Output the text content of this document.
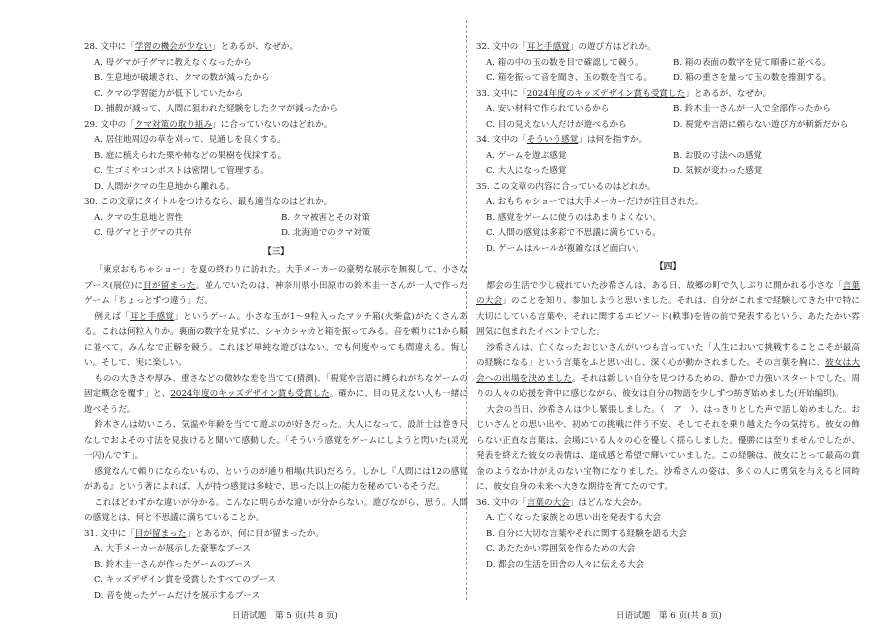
28. 文中に「学習の機会が少ない」とあるが、なぜか。

A. 母グマが子グマに教えなくなったから

B. 生息地が破壊され、クマの数が減ったから

C. クマの学習能力が低下していたから

D. 捕殺が減って、人間に狙われた経験をしたクマが減ったから

29. 文中の「クマ対策の取り組み」に合っていないのはどれか。

A. 居住地周辺の草を刈って、見通しを良くする。

B. 庭に植えられた栗や柿などの果樹を伐採する。

C. 生ゴミやコンポストは密閉して管理する。

D. 人間がクマの生息地から離れる。

30. この文章にタイトルをつけるなら、最も適当なのはどれか。

A. クマの生息地と習性	B. クマ被害とその対策
C. 母グマと子グマの共存	D. 北海道でのクマ対策
【三】

「東京おもちゃショー」を夏の終わりに訪れた。大手メーカーの豪勢な展示を無視して、小さなブース(展位)に目が留まった。並んでいたのは、神奈川県小田原市の鈴木圭一さんが一人で作ったゲーム「ちょっとずつ違う」だ。

例えば「耳と手感覚」というゲーム。小さな玉が1～9粒入ったマッチ箱(火柴盒)がたくさんある。これは何粒入りか。裏面の数字を見ずに、シャカシャカと箱を振ってみる。音を頼りに1から順に並べて、みんなで正解を競う。これほど単純な遊びはない。でも何度やっても間違える。悔しい。そして、実に楽しい。

ものの大きさや厚み、重さなどの微妙な差を当てて(猜測)、「視覚や言語に縛られがちなゲームの固定概念を覆す」と、2024年度のキッズデザイン賞も受賞した。確かに、目の見えない人も一緒に遊べそうだ。

鈴木さんは幼いころ、気温や年齢を当てて遊ぶのが好きだった。大人になって、設計士は巻き尺なしでおよその寸法を見抜けると聞いて感動した。「そういう感覚をゲームにしようと閃いた(灵光一闪)んです」。

感覚なんて頼りにならないもの、というのが通り相場(共识)だろう。しかし『人間には12の感覚がある』という著によれば、人が持つ感覚は多岐で、思った以上の能力を秘めているそうだ。

これほどわずかな違いが分かる。こんなに明らかな違いが分からない。遊びながら、思う。人間の感覚とは、何と不思議に満ちていることか。

31. 文中に「目が留まった」とあるが、何に目が留まったか。

A. 大手メーカーが展示した豪華なブース

B. 鈴木圭一さんが作ったゲームのブース

C. キッズデザイン賞を受賞したすべてのブース

D. 音を使ったゲームだけを展示するブース

32. 文中の「耳と手感覚」の遊び方はどれか。

A. 箱の中の玉の数を目で確認して競う。	B. 箱の表面の数字を見て順番に並べる。
C. 箱を振って音を聞き、玉の数を当てる。	D. 箱の重さを量って玉の数を推測する。

33. 文中に「2024年度のキッズデザイン賞も受賞した」とあるが、なぜか。

A. 安い材料で作られているから	B. 鈴木圭一さんが一人で全部作ったから
C. 目の見えない人だけが遊べるから	D. 視覚や言語に頼らない遊び方が斬新だから

34. 文中の「そういう感覚」は何を指すか。

A. ゲームを遊ぶ感覚	B. お股の寸法への感覚
C. 大人になった感覚	D. 気候が変わった感覚

35. この文章の内容に合っているのはどれか。

A. おもちゃショーでは大手メーカーだけが注目された。

B. 感覚をゲームに使うのはあまりよくない。

C. 人間の感覚は多彩で不思議に満ちている。

D. ゲームはルールが複雑なほど面白い。

【四】

都会の生活で少し疲れていた沙希さんは、ある日、故郷の町で久しぶりに開かれる小さな「言葉の大会」のことを知り、参加しようと思いました。それは、自分がこれまで経験してきた中で特に大切にしている言葉や、それに関するエピソード(軼事)を皆の前で発表するという、あたたかい雰囲気に包まれたイベントでした。

沙希さんは、亡くなったおじいさんがいつも言っていた「人生において挑戦することこそが最高の経験になる」という言葉をふと思い出し、深く心が動かされました。その言葉を胸に、彼女は大会への出場を決めました。それは新しい自分を見つけるための、静かで力強いスタートでした。周りの人々の応援を背中に感じながら、彼女は自分の物語を少しずつ紡ぎ始めました(开始编织)。

大会の当日、沙希さんは少し緊張しました。（　ア　）、はっきりとした声で話し始めました。おじいさんとの思い出や、初めての挑戦に伴う不安、そしてそれを乗り越えた今の気持ち。彼女の飾らない正直な言葉は、会場にいる人々の心を優しく揺らしました。優勝には至りませんでしたが、発表を終えた彼女の表情は、達成感と希望で輝いていました。この経験は、彼女にとって最高の賞金のようなかけがえのない宝物になりました。沙希さんの姿は、多くの人に勇気を与えると同時に、彼女自身の未来へ大きな期待を育てたのです。

36. 文中の「言葉の大会」はどんな大会か。

A. 亡くなった家族との思い出を発表する大会

B. 自分に大切な言葉やそれに関する経験を語る大会

C. あたたかい雰囲気を作るための大会

D. 都会の生活を田舎の人々に伝える大会

日语试题　第 5 页(共 8 页)	日语试题　第 6 页(共 8 页)
